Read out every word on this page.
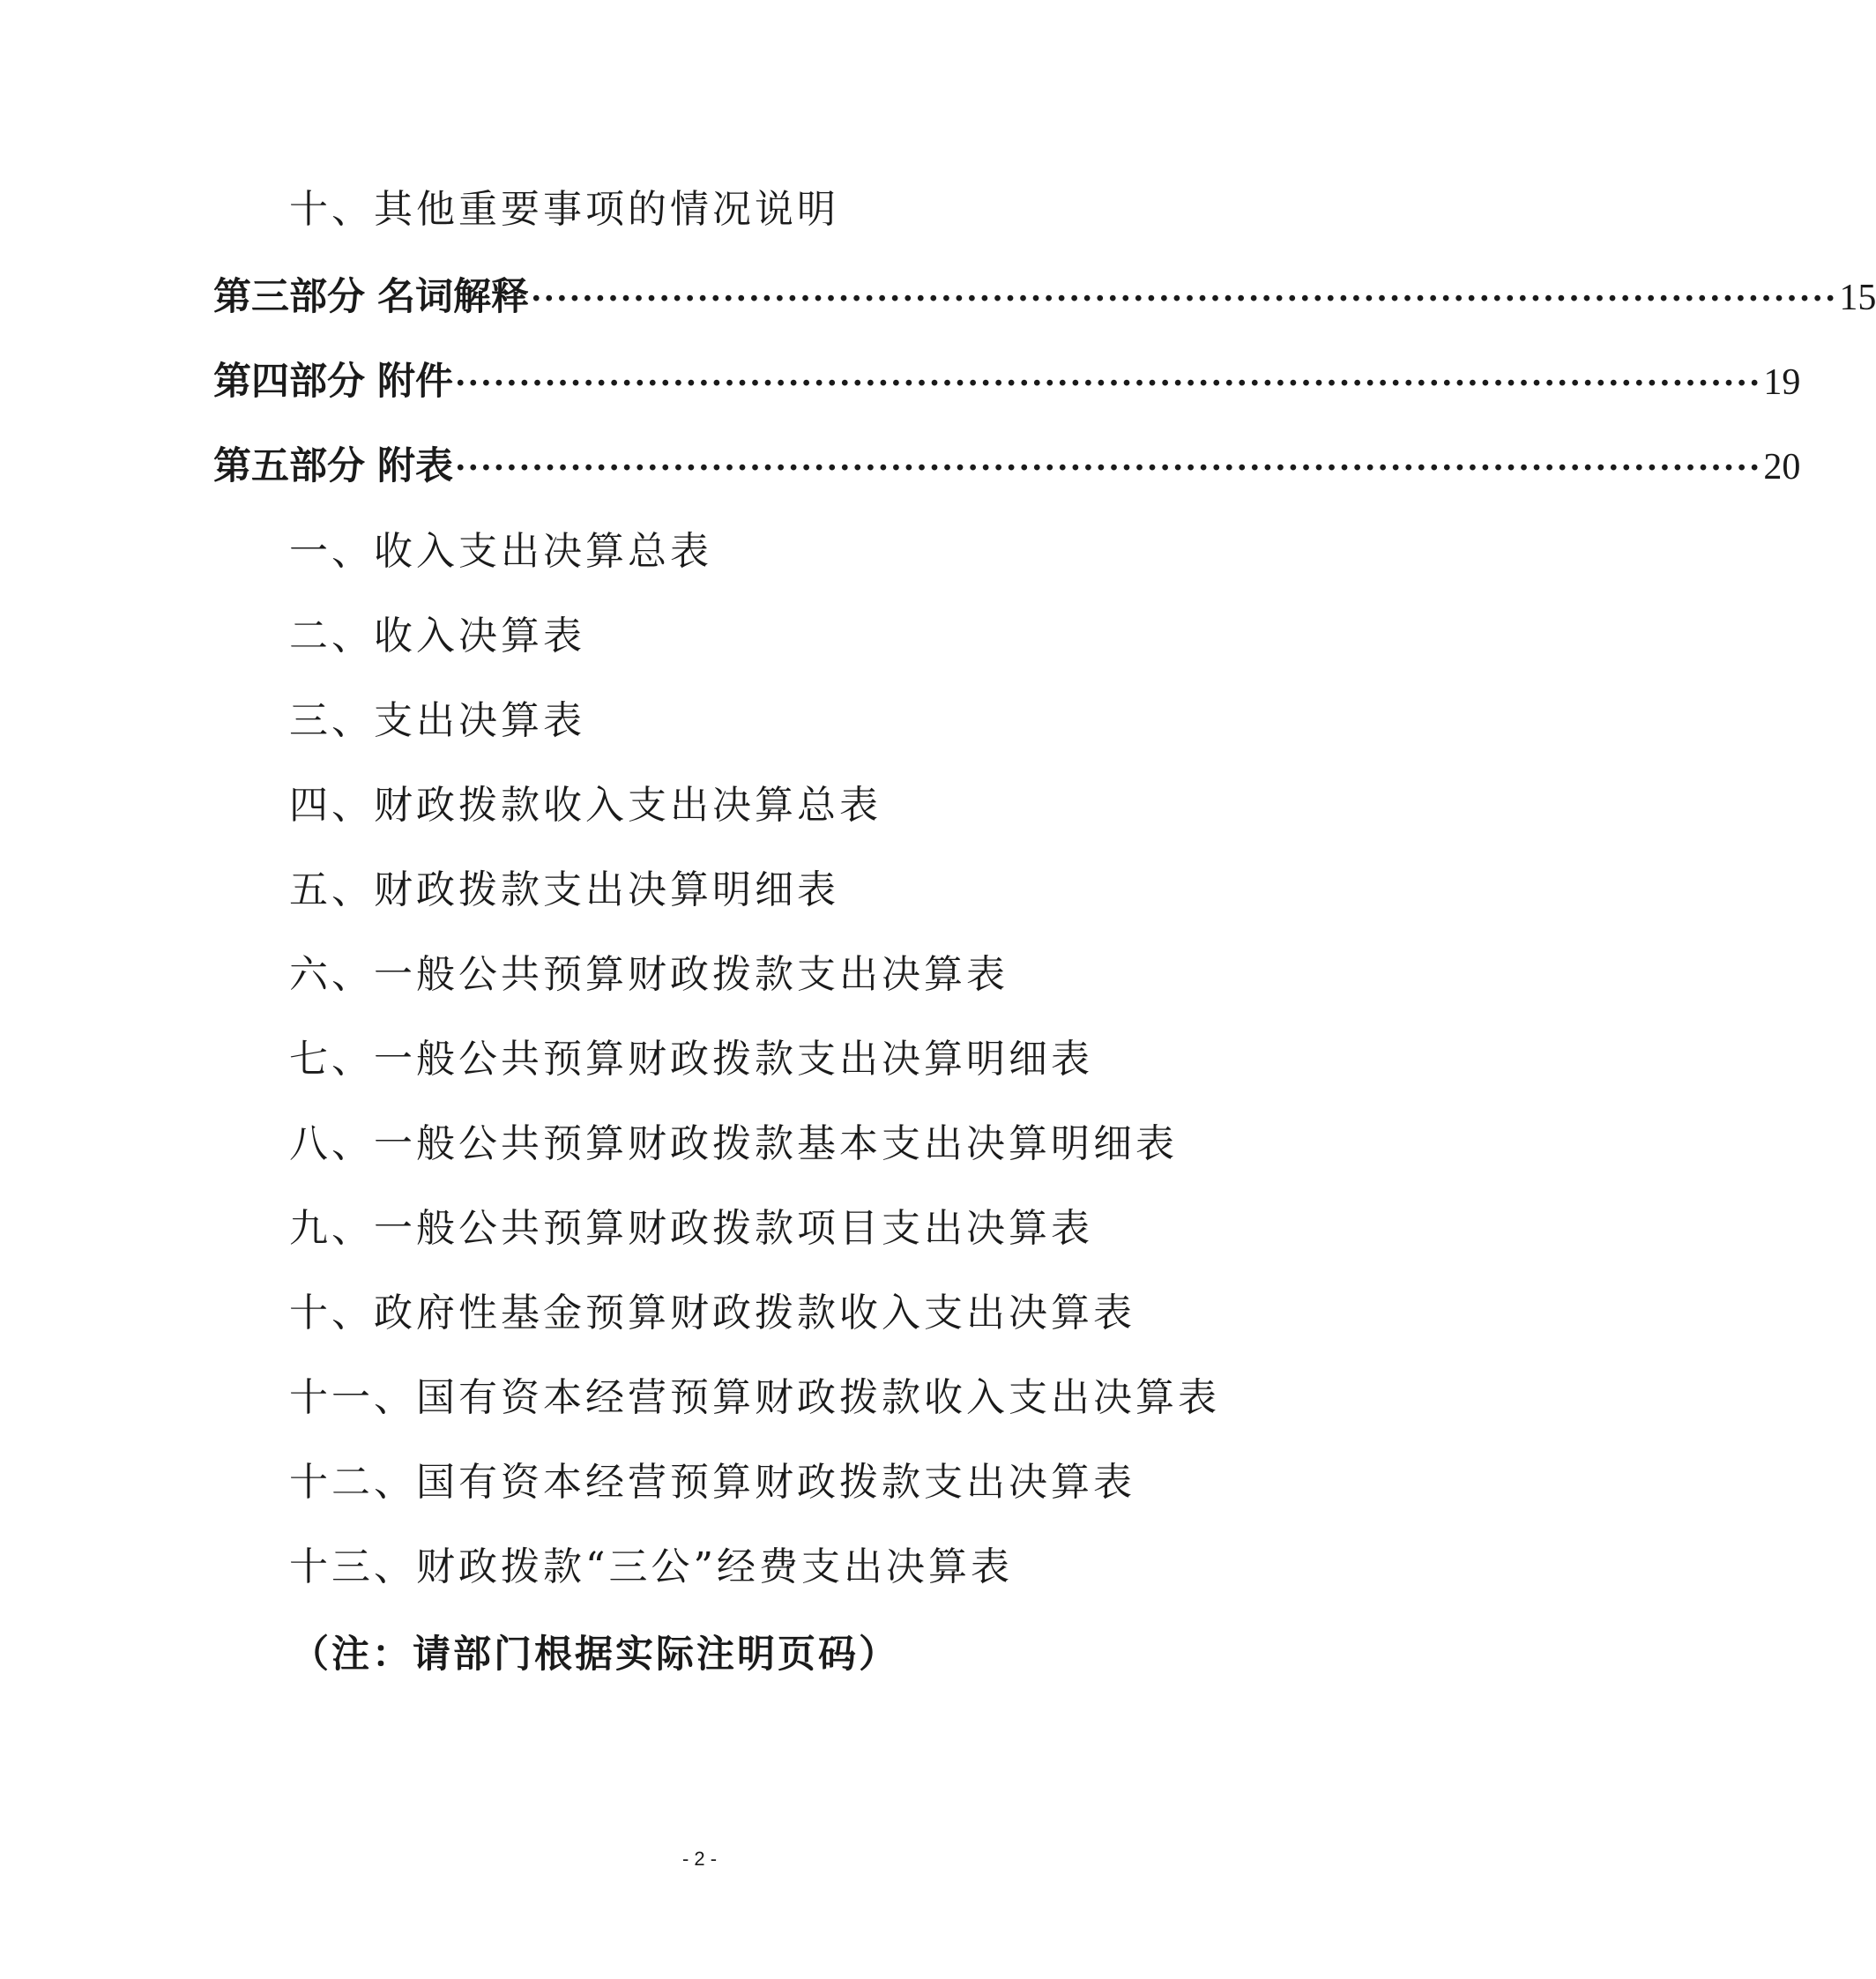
十、其他重要事项的情况说明
第三部分 名词解释 ······································································································ 15
第四部分 附件 ······································································································ 19
第五部分 附表 ······································································································ 20
一、收入支出决算总表
二、收入决算表
三、支出决算表
四、财政拨款收入支出决算总表
五、财政拨款支出决算明细表
六、一般公共预算财政拨款支出决算表
七、一般公共预算财政拨款支出决算明细表
八、一般公共预算财政拨款基本支出决算明细表
九、一般公共预算财政拨款项目支出决算表
十、政府性基金预算财政拨款收入支出决算表
十一、国有资本经营预算财政拨款收入支出决算表
十二、国有资本经营预算财政拨款支出决算表
十三、财政拨款“三公”经费支出决算表
（注：请部门根据实际注明页码）
- 2 -
